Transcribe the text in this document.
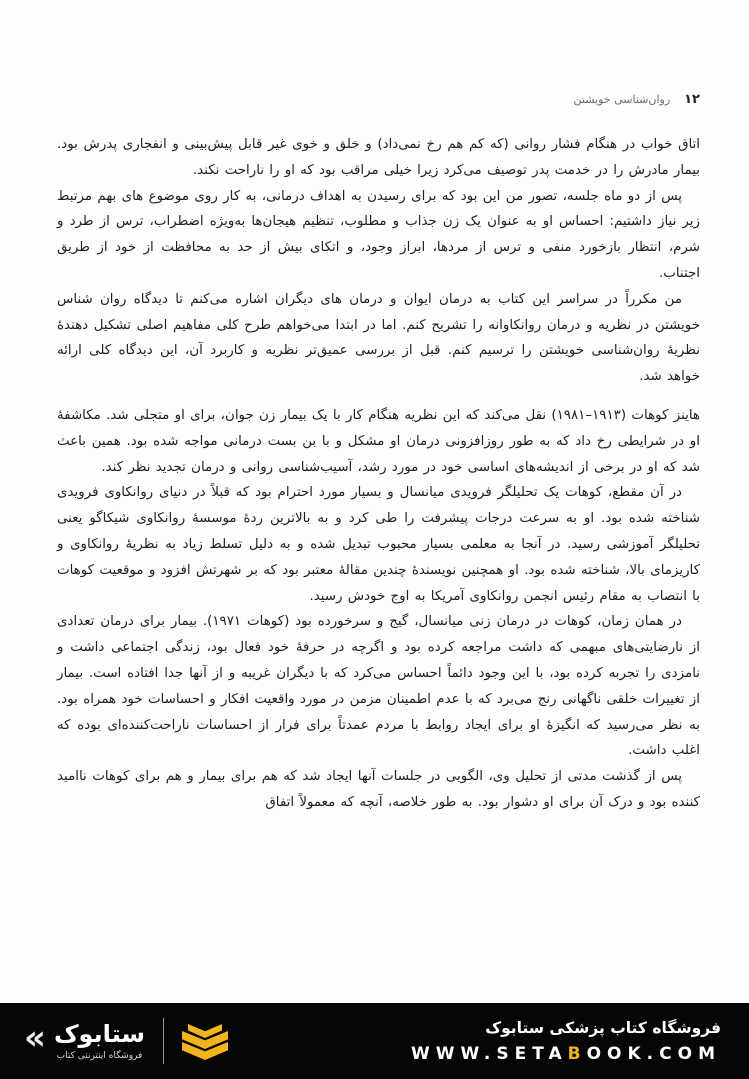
۱۲
روان‌شناسی خویشتن

اتاق خواب در هنگام فشار روانی (که کم هم رخ نمی‌داد) و خلق و خوی غیر قابل پیش‌بینی و انفجاری پدرش بود. بیمار مادرش را در خدمت پدر توصیف می‌کرد زیرا خیلی مراقب بود که او را ناراحت نکند.

پس از دو ماه جلسه، تصور من این بود که برای رسیدن به اهداف درمانی، به کار روی موضوع های بهم مرتبط زیر نیاز داشتیم: احساس او به عنوان یک زن جذاب و مطلوب، تنظیم هیجان‌ها به‌ویژه اضطراب، ترس از طرد و شرم، انتظار بازخورد منفی و ترس از مردها، ابراز وجود، و اتکای بیش از حد به محافظت از خود از طریق اجتناب.

من مکرراً در سراسر این کتاب به درمان ایوان و درمان های دیگران اشاره می‌کنم تا دیدگاه روان شناس خویشتن در نظریه و درمان روانکاوانه را تشریح کنم. اما در ابتدا می‌خواهم طرح کلی مفاهیم اصلی تشکیل دهندهٔ نظریهٔ روان‌شناسی خویشتن را ترسیم کنم. قبل از بررسی عمیق‌تر نظریه و کاربرد آن، این دیدگاه کلی ارائه خواهد شد.

هاینز کوهات (۱۹۱۳–۱۹۸۱) نقل می‌کند که این نظریه هنگام کار با یک بیمار زن جوان، برای او متجلی شد. مکاشفهٔ او در شرایطی رخ داد که به طور روزافزونی درمان او مشکل و با بن بست درمانی مواجه شده بود. همین باعث شد که او در برخی از اندیشه‌های اساسی خود در مورد رشد، آسیب‌شناسی روانی و درمان تجدید نظر کند.

در آن مقطع، کوهات یک تحلیلگر فرویدی میانسال و بسیار مورد احترام بود که قبلاً در دنیای روانکاوی فرویدی شناخته شده بود. او به سرعت درجات پیشرفت را طی کرد و به بالاترین ردهٔ موسسهٔ روانکاوی شیکاگو یعنی تحلیلگر آموزشی رسید. در آنجا به معلمی بسیار محبوب تبدیل شده و به دلیل تسلط زیاد به نظریهٔ روانکاوی و کاریزمای بالا، شناخته شده بود. او همچنین نویسندهٔ چندین مقالهٔ معتبر بود که بر شهرتش افزود و موقعیت کوهات با انتصاب به مقام رئیس انجمن روانکاوی آمریکا به اوج خودش رسید.

در همان زمان، کوهات در درمان زنی میانسال، گیج و سرخورده بود (کوهات ۱۹۷۱). بیمار برای درمان تعدادی از نارضایتی‌های مبهمی که داشت مراجعه کرده بود و اگرچه در حرفهٔ خود فعال بود، زندگی اجتماعی داشت و نامزدی را تجربه کرده بود، با این وجود دائماً احساس می‌کرد که با دیگران غریبه و از آنها جدا افتاده است. بیمار از تغییرات خلقی ناگهانی رنج می‌برد که با عدم اطمینان مزمن در مورد واقعیت افکار و احساسات خود همراه بود. به نظر می‌رسید که انگیزهٔ او برای ایجاد روابط با مردم عمدتاً برای فرار از احساسات ناراحت‌کننده‌ای بوده که اغلب داشت.

پس از گذشت مدتی از تحلیل وی، الگویی در جلسات آنها ایجاد شد که هم برای بیمار و هم برای کوهات ناامید کننده بود و درک آن برای او دشوار بود. به طور خلاصه، آنچه که معمولاً اتفاق

« ستابوک
فروشگاه اینترنتی کتاب
فروشگاه کتاب پزشکی ستابوک
WWW.SETABOOK.COM
